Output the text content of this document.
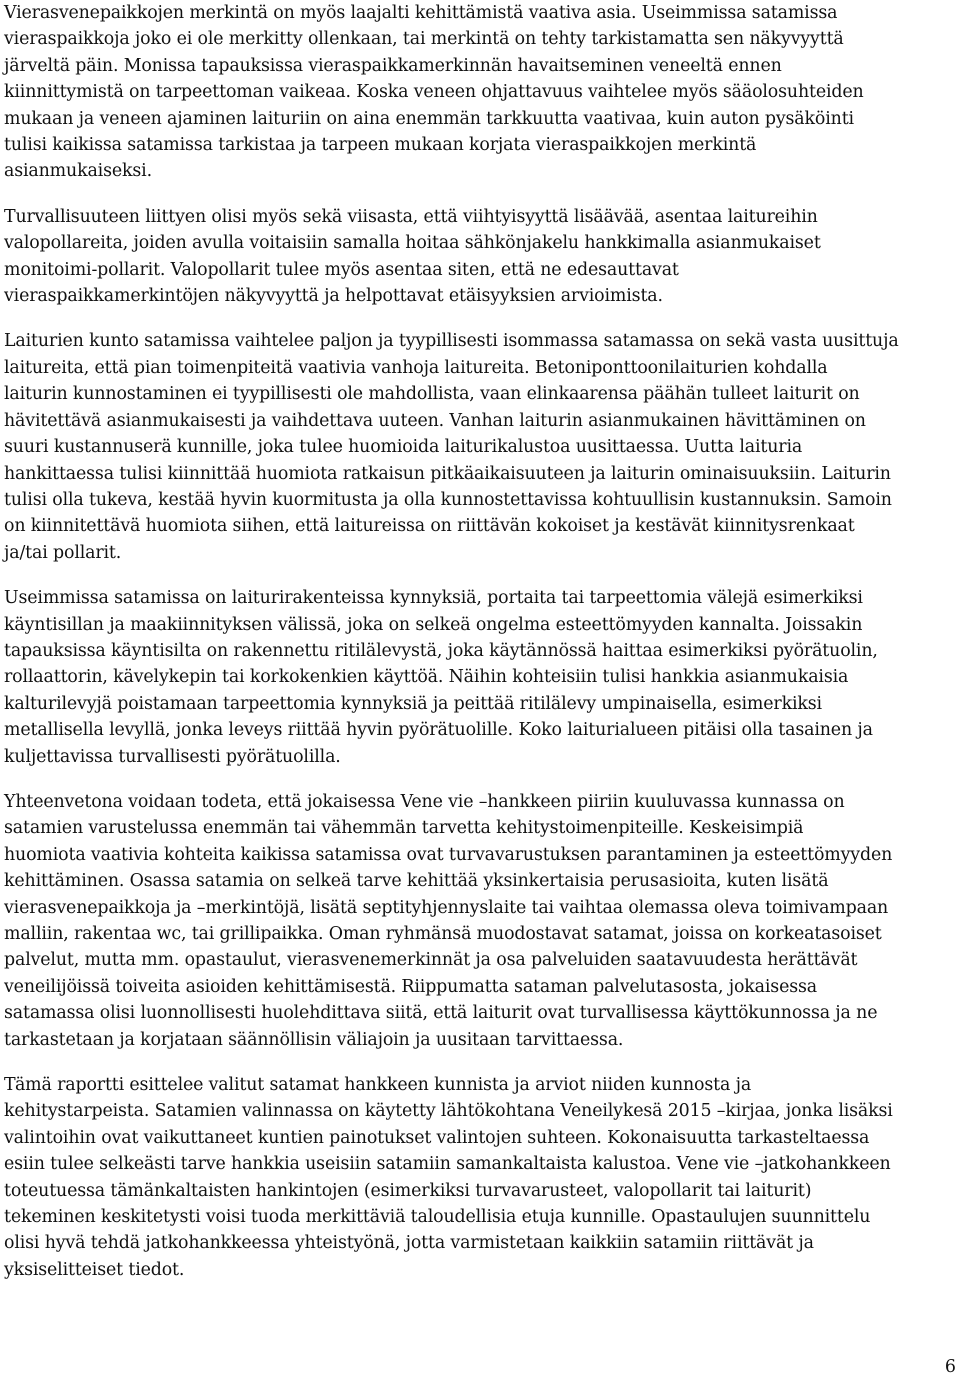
Vierasvenepaikkojen merkintä on myös laajalti kehittämistä vaativa asia. Useimmissa satamissa
vieraspaikkoja joko ei ole merkitty ollenkaan, tai merkintä on tehty tarkistamatta sen näkyvyyttä
järveltä päin. Monissa tapauksissa vieraspaikkamerkinnän havaitseminen veneeltä ennen
kiinnittymistä on tarpeettoman vaikeaa. Koska veneen ohjattavuus vaihtelee myös sääolosuhteiden
mukaan ja veneen ajaminen laituriin on aina enemmän tarkkuutta vaativaa, kuin auton pysäköinti
tulisi kaikissa satamissa tarkistaa ja tarpeen mukaan korjata vieraspaikkojen merkintä
asianmukaiseksi.

Turvallisuuteen liittyen olisi myös sekä viisasta, että viihtyisyyttä lisäävää, asentaa laitureihin
valopollareita, joiden avulla voitaisiin samalla hoitaa sähkönjakelu hankkimalla asianmukaiset
monitoimi-pollarit. Valopollarit tulee myös asentaa siten, että ne edesauttavat
vieraspaikkamerkintöjen näkyvyyttä ja helpottavat etäisyyksien arvioimista.

Laiturien kunto satamissa vaihtelee paljon ja tyypillisesti isommassa satamassa on sekä vasta uusittuja
laitureita, että pian toimenpiteitä vaativia vanhoja laitureita. Betoniponttoonilaiturien kohdalla
laiturin kunnostaminen ei tyypillisesti ole mahdollista, vaan elinkaarensa päähän tulleet laiturit on
hävitettävä asianmukaisesti ja vaihdettava uuteen. Vanhan laiturin asianmukainen hävittäminen on
suuri kustannuserä kunnille, joka tulee huomioida laiturikalustoa uusittaessa. Uutta laituria
hankittaessa tulisi kiinnittää huomiota ratkaisun pitkäaikaisuuteen ja laiturin ominaisuuksiin. Laiturin
tulisi olla tukeva, kestää hyvin kuormitusta ja olla kunnostettavissa kohtuullisin kustannuksin. Samoin
on kiinnitettävä huomiota siihen, että laitureissa on riittävän kokoiset ja kestävät kiinnitysrenkaat
ja/tai pollarit.

Useimmissa satamissa on laiturirakenteissa kynnyksiä, portaita tai tarpeettomia välejä esimerkiksi
käyntisillan ja maakiinnityksen välissä, joka on selkeä ongelma esteettömyyden kannalta. Joissakin
tapauksissa käyntisilta on rakennettu ritilälevystä, joka käytännössä haittaa esimerkiksi pyörätuolin,
rollaattorin, kävelykepin tai korkokenkien käyttöä. Näihin kohteisiin tulisi hankkia asianmukaisia
kalturilevyjä poistamaan tarpeettomia kynnyksiä ja peittää ritilälevy umpinaisella, esimerkiksi
metallisella levyllä, jonka leveys riittää hyvin pyörätuolille. Koko laiturialueen pitäisi olla tasainen ja
kuljettavissa turvallisesti pyörätuolilla.

Yhteenvetona voidaan todeta, että jokaisessa Vene vie –hankkeen piiriin kuuluvassa kunnassa on
satamien varustelussa enemmän tai vähemmän tarvetta kehitystoimenpiteille. Keskeisimpiä
huomiota vaativia kohteita kaikissa satamissa ovat turvavarustuksen parantaminen ja esteettömyyden
kehittäminen. Osassa satamia on selkeä tarve kehittää yksinkertaisia perusasioita, kuten lisätä
vierasvenepaikkoja ja –merkintöjä, lisätä septityhjennyslaite tai vaihtaa olemassa oleva toimivampaan
malliin, rakentaa wc, tai grillipaikka. Oman ryhmänsä muodostavat satamat, joissa on korkeatasoiset
palvelut, mutta mm. opastaulut, vierasvenemerkinnät ja osa palveluiden saatavuudesta herättävät
veneilijöissä toiveita asioiden kehittämisestä. Riippumatta sataman palvelutasosta, jokaisessa
satamassa olisi luonnollisesti huolehdittava siitä, että laiturit ovat turvallisessa käyttökunnossa ja ne
tarkastetaan ja korjataan säännöllisin väliajoin ja uusitaan tarvittaessa.

Tämä raportti esittelee valitut satamat hankkeen kunnista ja arviot niiden kunnosta ja
kehitystarpeista. Satamien valinnassa on käytetty lähtökohtana Veneilykesä 2015 –kirjaa, jonka lisäksi
valintoihin ovat vaikuttaneet kuntien painotukset valintojen suhteen. Kokonaisuutta tarkasteltaessa
esiin tulee selkeästi tarve hankkia useisiin satamiin samankaltaista kalustoa. Vene vie –jatkohankkeen
toteutuessa tämänkaltaisten hankintojen (esimerkiksi turvavarusteet, valopollarit tai laiturit)
tekeminen keskitetysti voisi tuoda merkittäviä taloudellisia etuja kunnille. Opastaulujen suunnittelu
olisi hyvä tehdä jatkohankkeessa yhteistyönä, jotta varmistetaan kaikkiin satamiin riittävät ja
yksiselitteiset tiedot.

6
